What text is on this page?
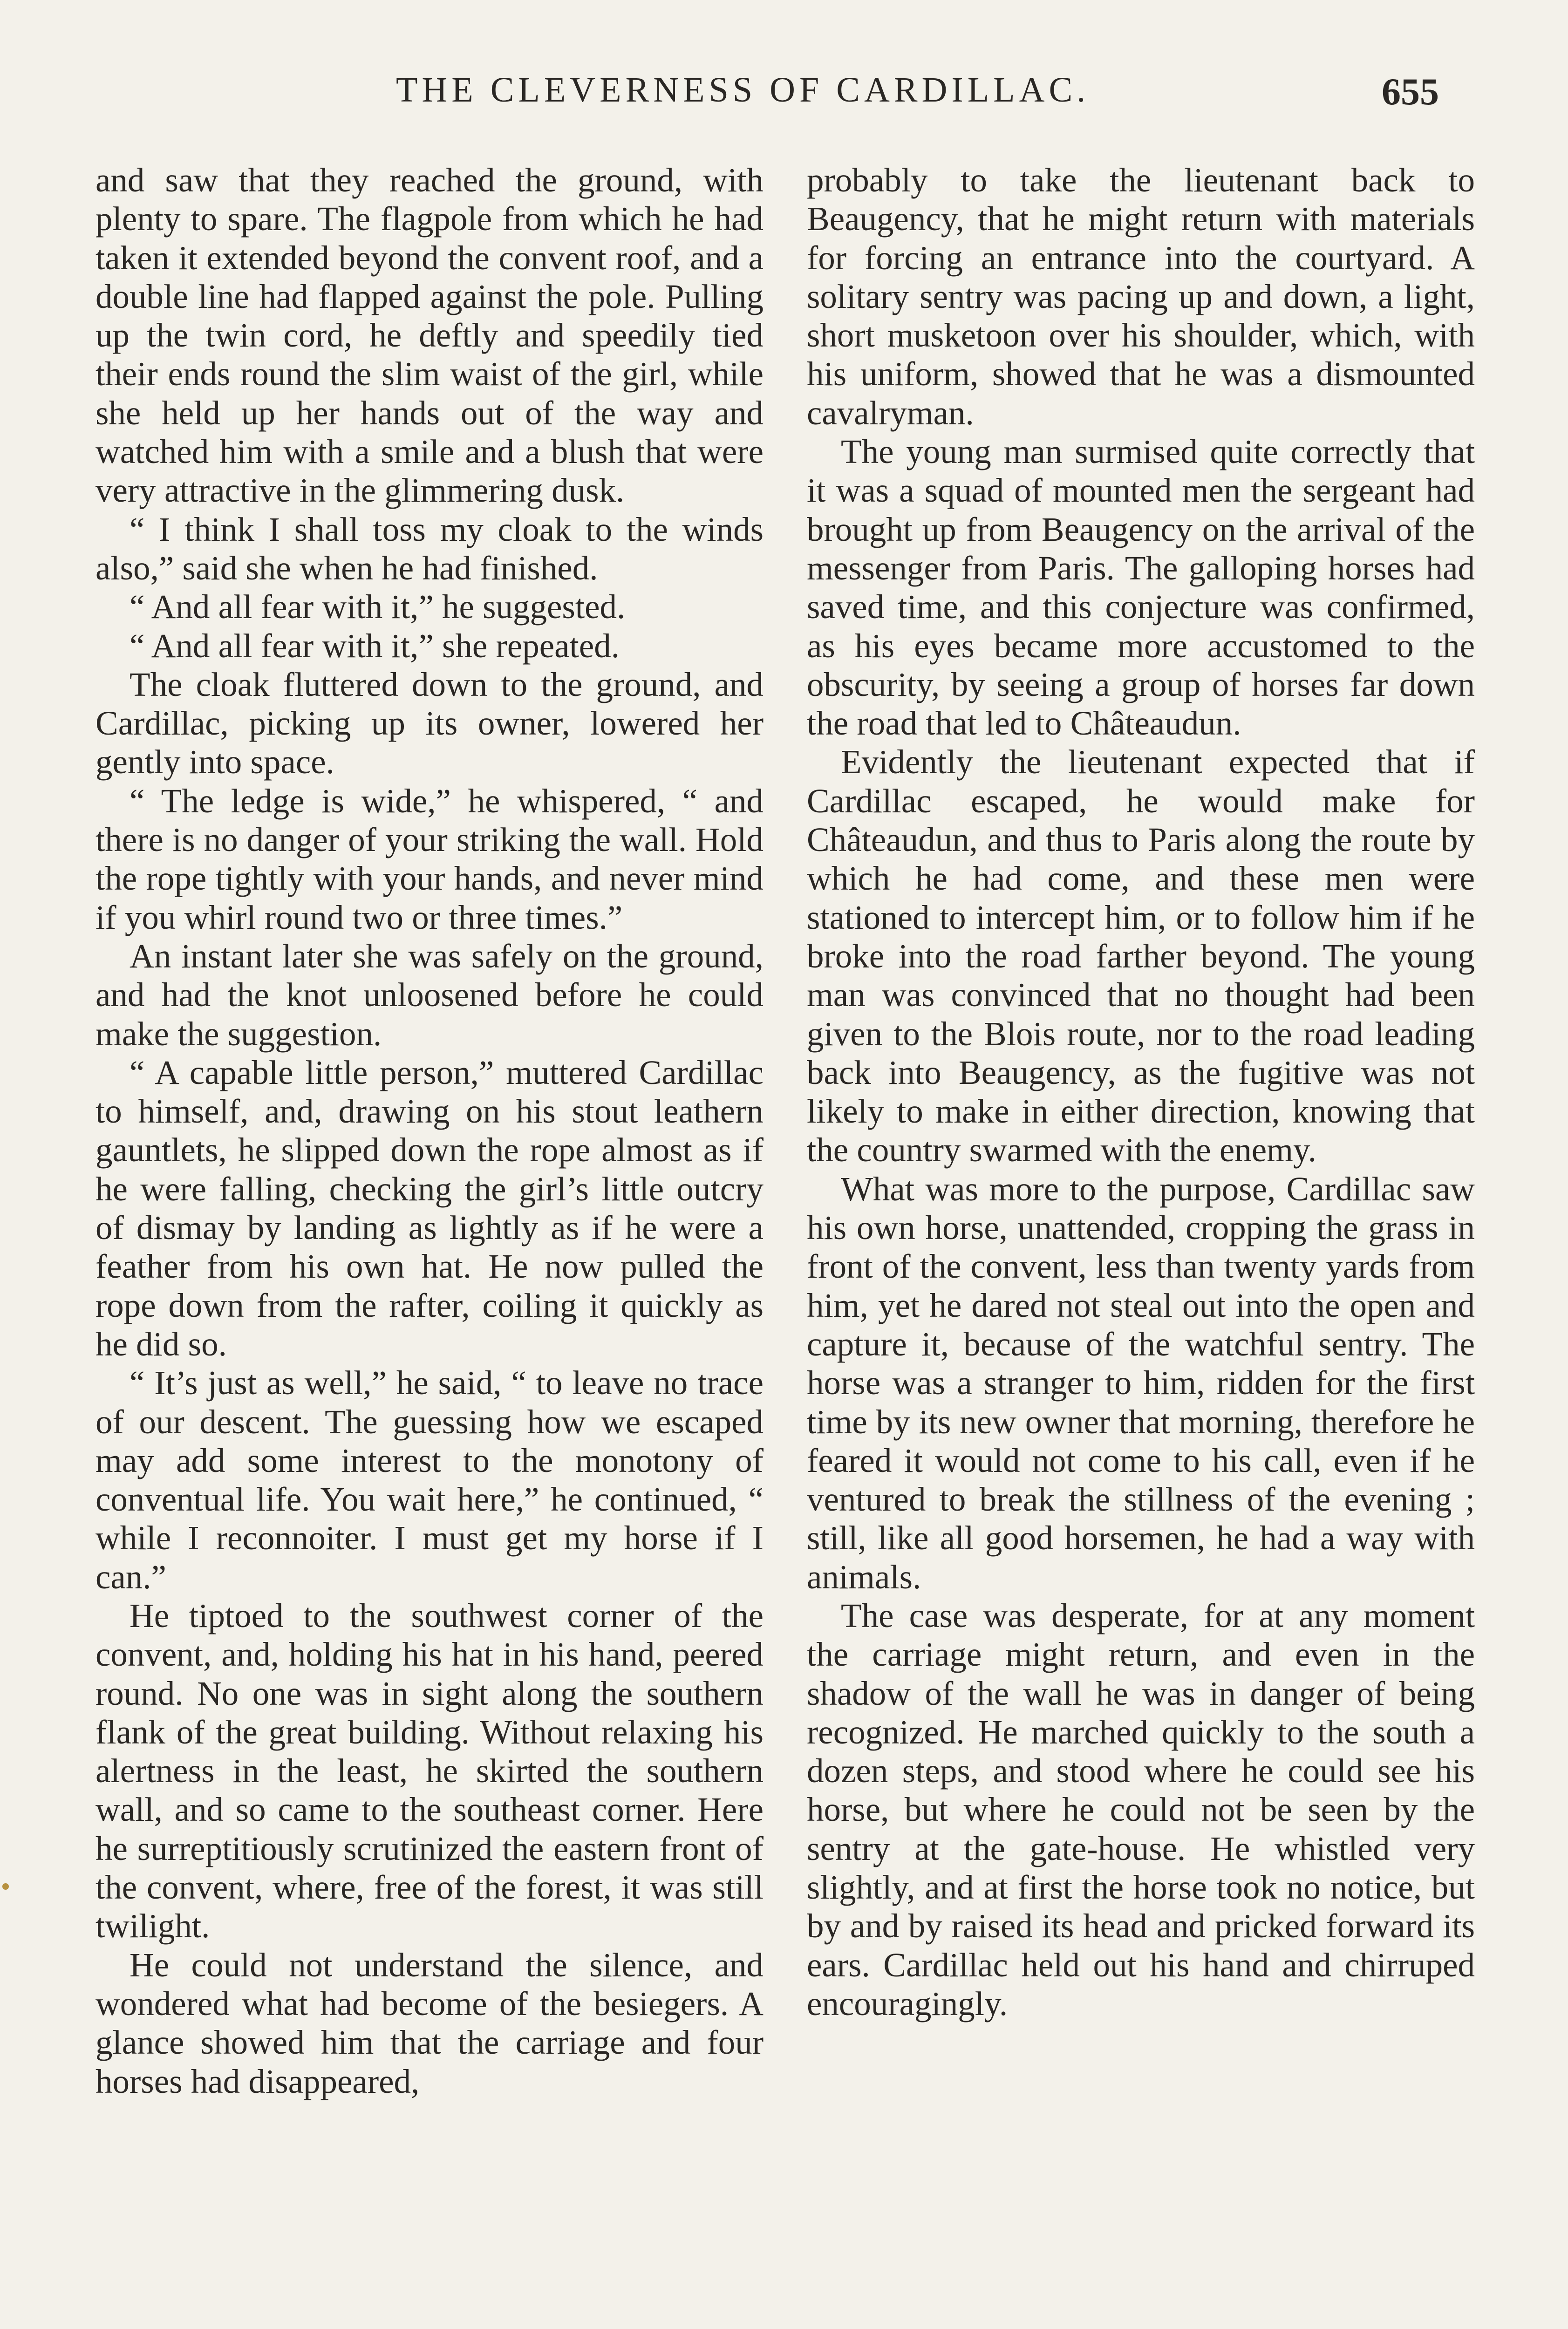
THE CLEVERNESS OF CARDILLAC.	655

and saw that they reached the ground, with plenty to spare. The flagpole from which he had taken it extended beyond the convent roof, and a double line had flapped against the pole. Pulling up the twin cord, he deftly and speedily tied their ends round the slim waist of the girl, while she held up her hands out of the way and watched him with a smile and a blush that were very attractive in the glimmering dusk.

“ I think I shall toss my cloak to the winds also,” said she when he had finished.

“ And all fear with it,” he suggested.

“ And all fear with it,” she repeated.

The cloak fluttered down to the ground, and Cardillac, picking up its owner, lowered her gently into space.

“ The ledge is wide,” he whispered, “ and there is no danger of your striking the wall. Hold the rope tightly with your hands, and never mind if you whirl round two or three times.”

An instant later she was safely on the ground, and had the knot unloosened before he could make the suggestion.

“ A capable little person,” muttered Cardillac to himself, and, drawing on his stout leathern gauntlets, he slipped down the rope almost as if he were falling, checking the girl’s little outcry of dismay by landing as lightly as if he were a feather from his own hat. He now pulled the rope down from the rafter, coiling it quickly as he did so.

“ It’s just as well,” he said, “ to leave no trace of our descent. The guessing how we escaped may add some interest to the monotony of conventual life. You wait here,” he continued, “ while I reconnoiter. I must get my horse if I can.”

He tiptoed to the southwest corner of the convent, and, holding his hat in his hand, peered round. No one was in sight along the southern flank of the great building. Without relaxing his alertness in the least, he skirted the southern wall, and so came to the southeast corner. Here he surreptitiously scrutinized the eastern front of the convent, where, free of the forest, it was still twilight.

He could not understand the silence, and wondered what had become of the besiegers. A glance showed him that the carriage and four horses had disappeared,

probably to take the lieutenant back to Beaugency, that he might return with materials for forcing an entrance into the courtyard. A solitary sentry was pacing up and down, a light, short musketoon over his shoulder, which, with his uniform, showed that he was a dismounted cavalryman.

The young man surmised quite correctly that it was a squad of mounted men the sergeant had brought up from Beaugency on the arrival of the messenger from Paris. The galloping horses had saved time, and this conjecture was confirmed, as his eyes became more accustomed to the obscurity, by seeing a group of horses far down the road that led to Châteaudun.

Evidently the lieutenant expected that if Cardillac escaped, he would make for Châteaudun, and thus to Paris along the route by which he had come, and these men were stationed to intercept him, or to follow him if he broke into the road farther beyond. The young man was convinced that no thought had been given to the Blois route, nor to the road leading back into Beaugency, as the fugitive was not likely to make in either direction, knowing that the country swarmed with the enemy.

What was more to the purpose, Cardillac saw his own horse, unattended, cropping the grass in front of the convent, less than twenty yards from him, yet he dared not steal out into the open and capture it, because of the watchful sentry. The horse was a stranger to him, ridden for the first time by its new owner that morning, therefore he feared it would not come to his call, even if he ventured to break the stillness of the evening ; still, like all good horsemen, he had a way with animals.

The case was desperate, for at any moment the carriage might return, and even in the shadow of the wall he was in danger of being recognized. He marched quickly to the south a dozen steps, and stood where he could see his horse, but where he could not be seen by the sentry at the gate-house. He whistled very slightly, and at first the horse took no notice, but by and by raised its head and pricked forward its ears. Cardillac held out his hand and chirruped encouragingly.
